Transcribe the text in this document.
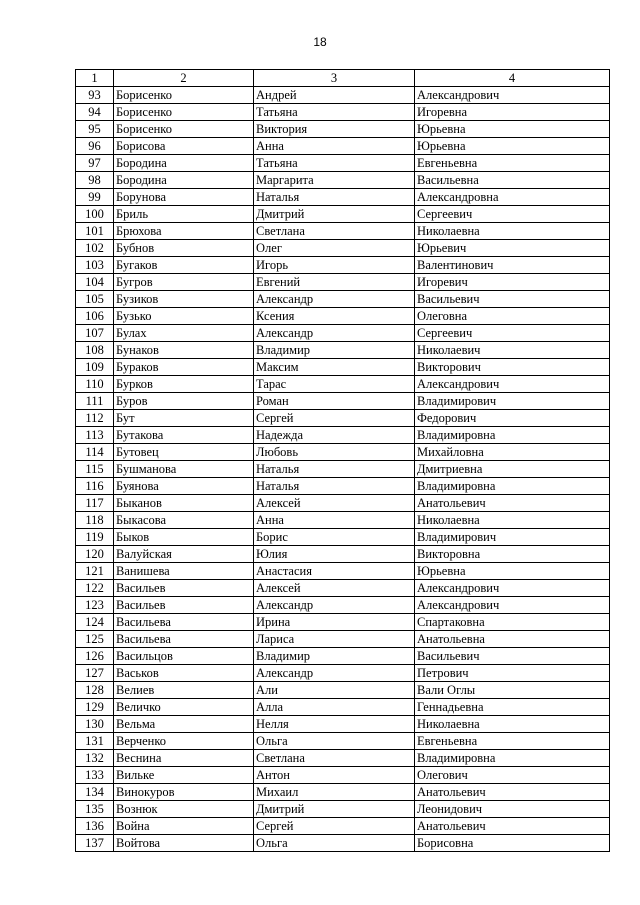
18
1	2	3	4
93	Борисенко	Андрей	Александрович
94	Борисенко	Татьяна	Игоревна
95	Борисенко	Виктория	Юрьевна
96	Борисова	Анна	Юрьевна
97	Бородина	Татьяна	Евгеньевна
98	Бородина	Маргарита	Васильевна
99	Борунова	Наталья	Александровна
100	Бриль	Дмитрий	Сергеевич
101	Брюхова	Светлана	Николаевна
102	Бубнов	Олег	Юрьевич
103	Бугаков	Игорь	Валентинович
104	Бугров	Евгений	Игоревич
105	Бузиков	Александр	Васильевич
106	Бузько	Ксения	Олеговна
107	Булах	Александр	Сергеевич
108	Бунаков	Владимир	Николаевич
109	Бураков	Максим	Викторович
110	Бурков	Тарас	Александрович
111	Буров	Роман	Владимирович
112	Бут	Сергей	Федорович
113	Бутакова	Надежда	Владимировна
114	Бутовец	Любовь	Михайловна
115	Бушманова	Наталья	Дмитриевна
116	Буянова	Наталья	Владимировна
117	Быканов	Алексей	Анатольевич
118	Быкасова	Анна	Николаевна
119	Быков	Борис	Владимирович
120	Валуйская	Юлия	Викторовна
121	Ванишева	Анастасия	Юрьевна
122	Васильев	Алексей	Александрович
123	Васильев	Александр	Александрович
124	Васильева	Ирина	Спартаковна
125	Васильева	Лариса	Анатольевна
126	Васильцов	Владимир	Васильевич
127	Васьков	Александр	Петрович
128	Велиев	Али	Вали Оглы
129	Величко	Алла	Геннадьевна
130	Вельма	Нелля	Николаевна
131	Верченко	Ольга	Евгеньевна
132	Веснина	Светлана	Владимировна
133	Вильке	Антон	Олегович
134	Винокуров	Михаил	Анатольевич
135	Вознюк	Дмитрий	Леонидович
136	Война	Сергей	Анатольевич
137	Войтова	Ольга	Борисовна
